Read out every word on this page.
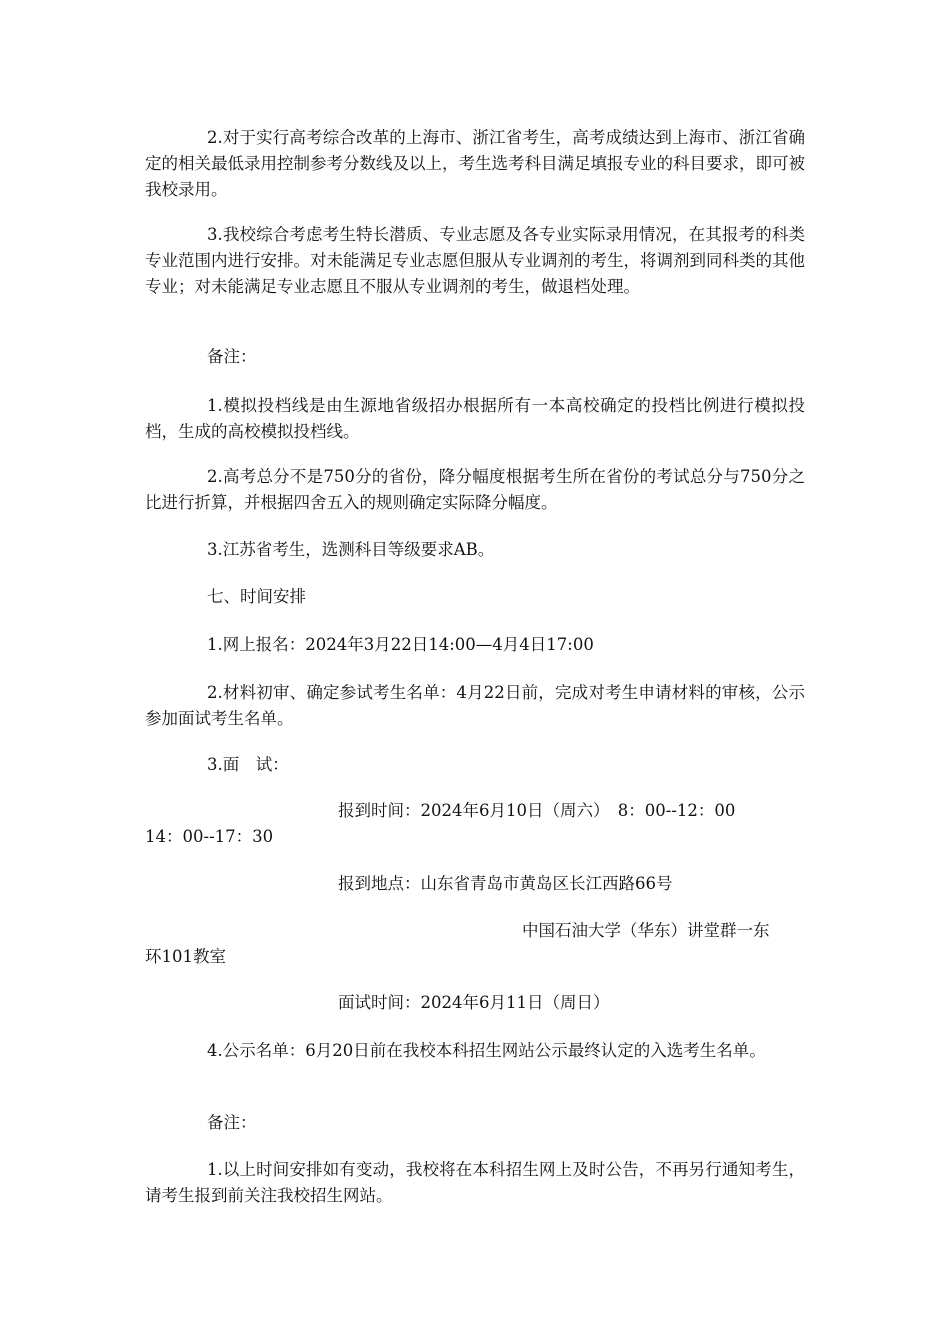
2.对于实行高考综合改革的上海市、浙江省考生，高考成绩达到上海市、浙江省确定的相关最低录用控制参考分数线及以上，考生选考科目满足填报专业的科目要求，即可被我校录用。

3.我校综合考虑考生特长潜质、专业志愿及各专业实际录用情况，在其报考的科类专业范围内进行安排。对未能满足专业志愿但服从专业调剂的考生，将调剂到同科类的其他专业；对未能满足专业志愿且不服从专业调剂的考生，做退档处理。

备注：

1.模拟投档线是由生源地省级招办根据所有一本高校确定的投档比例进行模拟投档，生成的高校模拟投档线。

2.高考总分不是750分的省份，降分幅度根据考生所在省份的考试总分与750分之比进行折算，并根据四舍五入的规则确定实际降分幅度。

3.江苏省考生，选测科目等级要求AB。

七、时间安排

1.网上报名：2024年3月22日14:00—4月4日17:00

2.材料初审、确定参试考生名单：4月22日前，完成对考生申请材料的审核，公示参加面试考生名单。

3.面　试：

报到时间：2024年6月10日（周六）　8：00--12：00

14：00--17：30

报到地点：山东省青岛市黄岛区长江西路66号

中国石油大学（华东）讲堂群一东

环101教室

面试时间：2024年6月11日（周日）

4.公示名单：6月20日前在我校本科招生网站公示最终认定的入选考生名单。

备注：

1.以上时间安排如有变动，我校将在本科招生网上及时公告，不再另行通知考生，请考生报到前关注我校招生网站。
